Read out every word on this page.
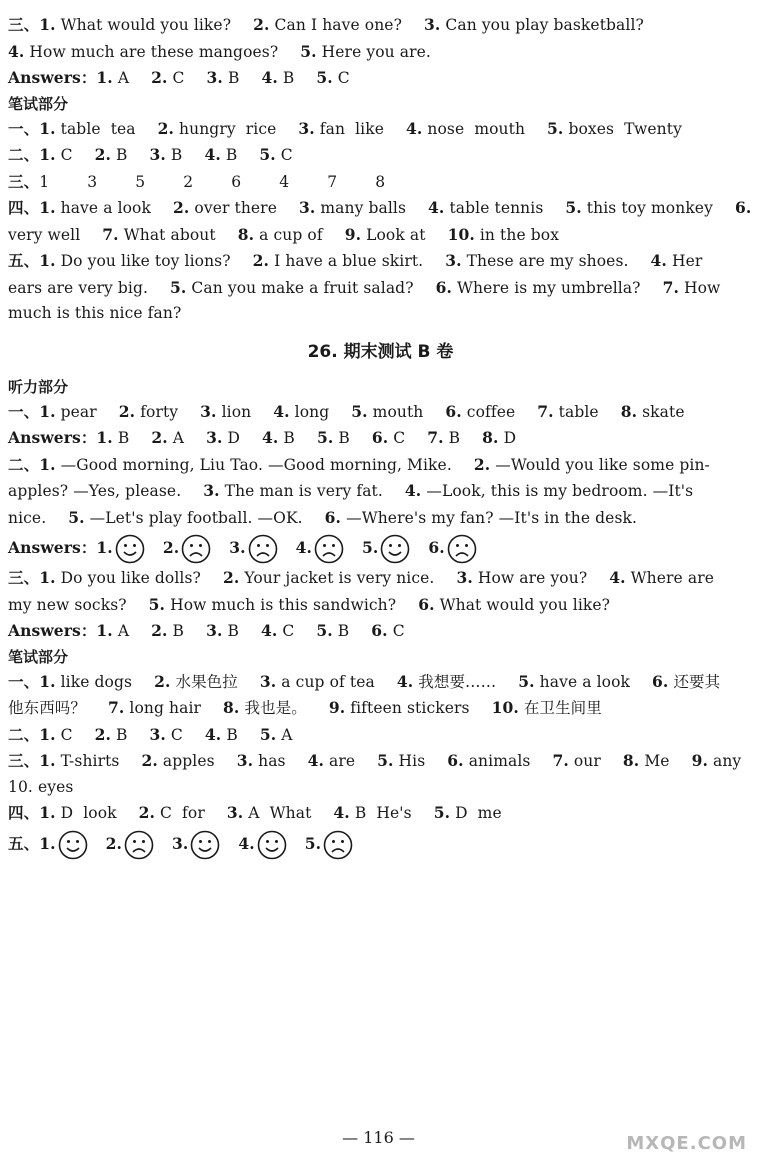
三、1. What would you like? 2. Can I have one? 3. Can you play basketball?
4. How much are these mangoes? 5. Here you are.
Answers：1. A 2. C 3. B 4. B 5. C
笔试部分
一、1. table  tea 2. hungry  rice 3. fan  like 4. nose  mouth 5. boxes  Twenty
二、1. C 2. B 3. B 4. B 5. C
三、1  3  5  2  6  4  7  8
四、1. have a look 2. over there 3. many balls 4. table tennis 5. this toy monkey 6.
very well 7. What about 8. a cup of 9. Look at 10. in the box
五、1. Do you like toy lions? 2. I have a blue skirt. 3. These are my shoes. 4. Her
ears are very big. 5. Can you make a fruit salad? 6. Where is my umbrella? 7. How
much is this nice fan?
26. 期末测试 B 卷
听力部分
一、1. pear 2. forty 3. lion 4. long 5. mouth 6. coffee 7. table 8. skate
Answers：1. B 2. A 3. D 4. B 5. B 6. C 7. B 8. D
二、1. —Good morning, Liu Tao. —Good morning, Mike. 2. —Would you like some pin-
apples? —Yes, please. 3. The man is very fat. 4. —Look, this is my bedroom. —It's
nice. 5. —Let's play football. —OK. 6. —Where's my fan? —It's in the desk.
Answers：1.	2.	3.	4.	5.	6.
三、1. Do you like dolls? 2. Your jacket is very nice. 3. How are you? 4. Where are
my new socks? 5. How much is this sandwich? 6. What would you like?
Answers：1. A 2. B 3. B 4. C 5. B 6. C
笔试部分
一、1. like dogs 2. 水果色拉 3. a cup of tea 4. 我想要…… 5. have a look 6. 还要其
他东西吗？ 7. long hair 8. 我也是。 9. fifteen stickers 10. 在卫生间里
二、1. C 2. B 3. C 4. B 5. A
三、1. T-shirts 2. apples 3. has 4. are 5. His 6. animals 7. our 8. Me 9. any
10. eyes
四、1. D  look 2. C  for 3. A  What 4. B  He's 5. D  me
五、1.	2.	3.	4.	5.
— 116 —	MXQE.COM
